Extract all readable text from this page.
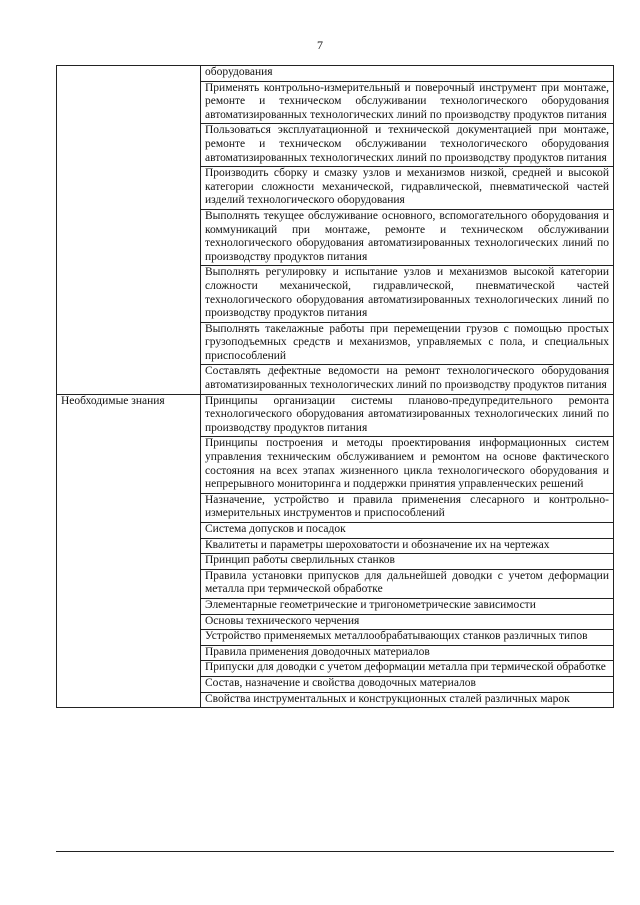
7
	оборудования
	Применять контрольно-измерительный и поверочный инструмент при монтаже, ремонте и техническом обслуживании технологического оборудования автоматизированных технологических линий по производству продуктов питания
	Пользоваться эксплуатационной и технической документацией при монтаже, ремонте и техническом обслуживании технологического оборудования автоматизированных технологических линий по производству продуктов питания
	Производить сборку и смазку узлов и механизмов низкой, средней и высокой категории сложности механической, гидравлической, пневматической частей изделий технологического оборудования
	Выполнять текущее обслуживание основного, вспомогательного оборудования и коммуникаций при монтаже, ремонте и техническом обслуживании технологического оборудования автоматизированных технологических линий по производству продуктов питания
	Выполнять регулировку и испытание узлов и механизмов высокой категории сложности механической, гидравлической, пневматической частей технологического оборудования автоматизированных технологических линий по производству продуктов питания
	Выполнять такелажные работы при перемещении грузов с помощью простых грузоподъемных средств и механизмов, управляемых с пола, и специальных приспособлений
	Составлять дефектные ведомости на ремонт технологического оборудования автоматизированных технологических линий по производству продуктов питания
Необходимые знания	Принципы организации системы планово-предупредительного ремонта технологического оборудования автоматизированных технологических линий по производству продуктов питания
	Принципы построения и методы проектирования информационных систем управления техническим обслуживанием и ремонтом на основе фактического состояния на всех этапах жизненного цикла технологического оборудования и непрерывного мониторинга и поддержки принятия управленческих решений
	Назначение, устройство и правила применения слесарного и контрольно-измерительных инструментов и приспособлений
	Система допусков и посадок
	Квалитеты и параметры шероховатости и обозначение их на чертежах
	Принцип работы сверлильных станков
	Правила установки припусков для дальнейшей доводки с учетом деформации металла при термической обработке
	Элементарные геометрические и тригонометрические зависимости
	Основы технического черчения
	Устройство применяемых металлообрабатывающих станков различных типов
	Правила применения доводочных материалов
	Припуски для доводки с учетом деформации металла при термической обработке
	Состав, назначение и свойства доводочных материалов
	Свойства инструментальных и конструкционных сталей различных марок
